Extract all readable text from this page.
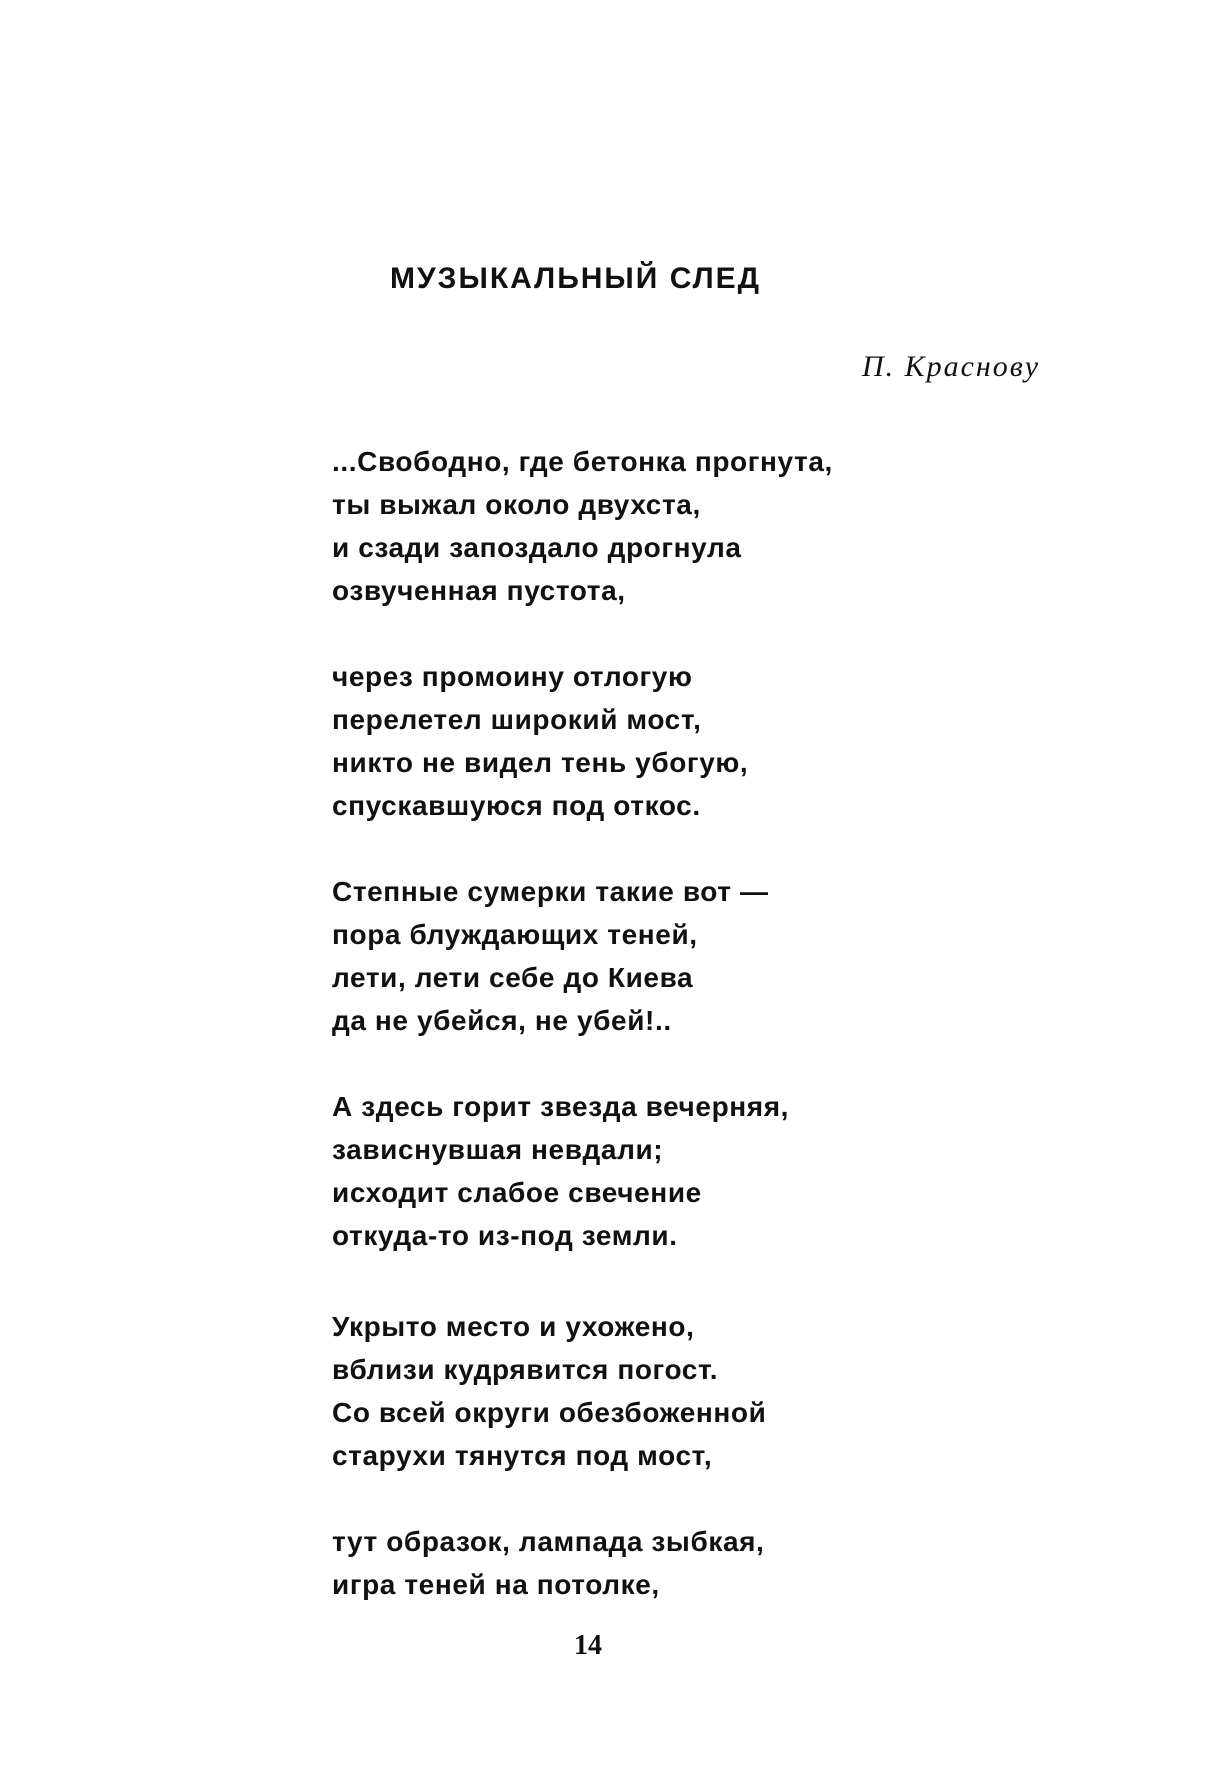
МУЗЫКАЛЬНЫЙ СЛЕД
П. Краснову
...Свободно, где бетонка прогнута,
ты выжал около двухста,
и сзади запоздало дрогнула
озвученная пустота,
через промоину отлогую
перелетел широкий мост,
никто не видел тень убогую,
спускавшуюся под откос.
Степные сумерки такие вот —
пора блуждающих теней,
лети, лети себе до Киева
да не убейся, не убей!..
А здесь горит звезда вечерняя,
зависнувшая невдали;
исходит слабое свечение
откуда-то из-под земли.
Укрыто место и ухожено,
вблизи кудрявится погост.
Со всей округи обезбоженной
старухи тянутся под мост,
тут образок, лампада зыбкая,
игра теней на потолке,
14
